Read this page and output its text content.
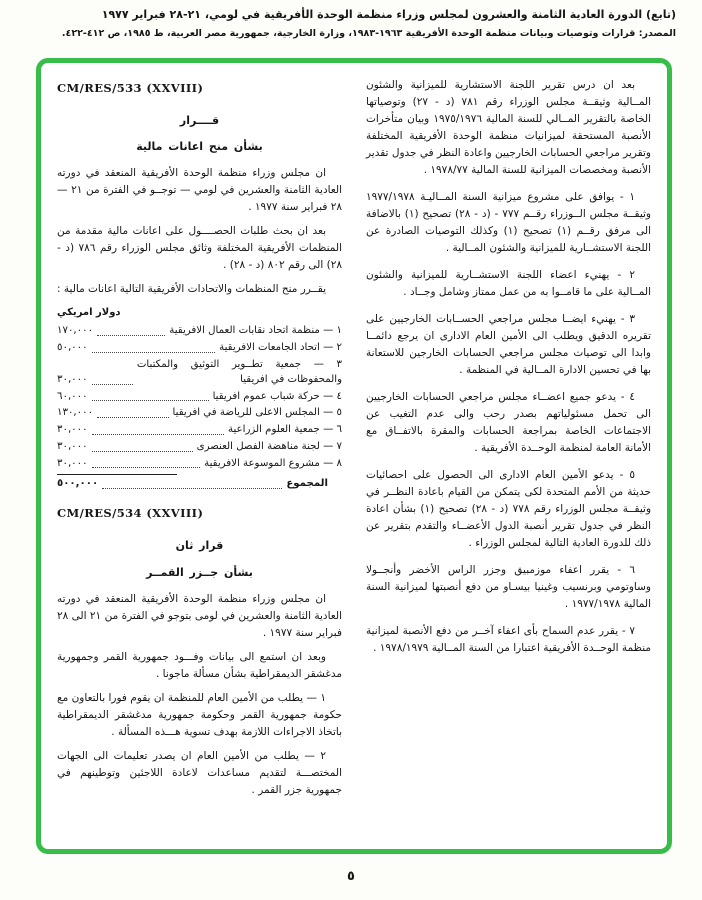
(تابع) الدورة العادية الثامنة والعشرون لمجلس وزراء منظمة الوحدة الأفريقية في لومي، ٢١-٢٨ فبراير ١٩٧٧
المصدر: قرارات وتوصيات وبيانات منظمة الوحدة الأفريقية ١٩٦٣-١٩٨٣، وزارة الخارجية، جمهورية مصر العربية، ط ١٩٨٥، ص ٤١٢-٤٢٢.

بعد ان درس تقرير اللجنة الاستشارية للميزانية والشئون المــالية وثيقــة مجلس الوزراء رقم ٧٨١ (د - ٢٧) وتوصياتها الخاصة بالتقرير المــالي للسنة المالية ١٩٧٥/١٩٧٦ وبيان متأخرات الأنصبة المستحقة لميزانيات منظمة الوحدة الأفريقية المختلفة وتقرير مراجعي الحسابات الخارجيين واعادة النظر في جدول تقدير الأنصبة ومخصصات الميزانية للسنة المالية ١٩٧٨/٧٧ .

١ - يوافق على مشروع ميزانية السنة المــاليـة ١٩٧٧/١٩٧٨ وثيقــة مجلس الــوزراء رقــم ٧٧٧ - (د - ٢٨) تصحيح (١) بالاضافة الى مرفق رقــم (١) تصحيح (١) وكذلك التوصيات الصادرة عن اللجنة الاستشــارية للميزانية والشئون المــالية .

٢ - يهنيء اعضاء اللجنة الاستشــارية للميزانية والشئون المــالية على ما قامــوا به من عمل ممتاز وشامل وجــاد .

٣ - يهنيء ايضــا مجلس مراجعي الحســابات الخارجيين على تقريره الدقيق ويطلب الى الأمين العام الادارى ان يرجع دائمــا وابدا الى توصيات مجلس مراجعي الحسابات الخارجين للاستعانة بها في تحسين الادارة المــالية في المنظمة .

٤ - يدعو جميع اعضــاء مجلس مراجعي الحسابات الخارجيين الى تحمل مسئولياتهم بصدر رحب والى عدم التغيب عن الاجتماعات الخاصة بمراجعة الحسابات والمقرة بالاتفــاق مع الأمانة العامة لمنظمة الوحــدة الأفريقية .

٥ - يدعو الأمين العام الادارى الى الحصول على احصائيات حديثة من الأمم المتحدة لكى يتمكن من القيام باعادة النظــر في وثيقــة مجلس الوزراء رقم ٧٧٨ (د - ٢٨) تصحيح (١) بشأن اعادة النظر في جدول تقرير أنصبة الدول الأعضــاء والتقدم بتقرير عن ذلك للدورة العادية التالية لمجلس الوزراء .

٦ - يقرر اعفاء موزمبيق وجزر الراس الأخضر وأنجــولا وساوتومي وبرنسيب وغينيا بيسـاو من دفع أنصبتها لميزانية السنة المالية ١٩٧٧/١٩٧٨ .

٧ - يقرر عدم السماح بأى اعفاء آخــر من دفع الأنصبة لميزانية منظمة الوحــدة الأفريقية اعتبارا من السنة المــالية ١٩٧٨/١٩٧٩ .

CM/RES/533 (XXVIII)
قــــرار
بشأن منح اعانات مالية

ان مجلس وزراء منظمة الوحدة الأفريقية المنعقد في دورته العادية الثامنة والعشرين في لومي — توجــو في الفترة من ٢١ — ٢٨ فبراير سنة ١٩٧٧ .

بعد ان بحث طلبات الحصــــول على اعانات مالية مقدمة من المنظمات الأفريقية المختلفة وثائق مجلس الوزراء رقم ٧٨٦ (د - ٢٨) الى رقم ٨٠٢ (د - ٢٨) .

يقــرر منح المنظمات والاتحادات الأفريقية التالية اعانات مالية :

دولار امريكي
١ — منظمة اتحاد نقابات العمال الافريقية
١٧٠,٠٠٠
٢ — اتحاد الجامعات الافريقية
٥٠,٠٠٠
٣ — جمعية تطــوير التوثيق والمكتبات والمحفوظات في افريقيا
٣٠,٠٠٠
٤ — حركة شباب عموم افريقيا
٦٠,٠٠٠
٥ — المجلس الاعلى للرياضة في افريقيا
١٣٠,٠٠٠
٦ — جمعية العلوم الزراعية
٣٠,٠٠٠
٧ — لجنة مناهضة الفصل العنصرى
٣٠,٠٠٠
٨ — مشروع الموسوعة الافريقية
٣٠,٠٠٠
المجموع
٥٠٠,٠٠٠
CM/RES/534 (XXVIII)
قرار ثان
بشأن جــزر القمــر

ان مجلس وزراء منظمة الوحدة الأفريقية المنعقد في دورته العادية الثامنة والعشرين في لومى بتوجو في الفترة من ٢١ الى ٢٨ فبراير سنة ١٩٧٧ .

وبعد ان استمع الى بيانات وفـــود جمهورية القمر وجمهورية مدغشقر الديمقراطية بشأن مسألة ماجونا .

١ — يطلب من الأمين العام للمنظمة ان يقوم فورا بالتعاون مع حكومة جمهورية القمر وحكومة جمهورية مدغشقر الديمقراطية باتخاذ الاجراءات اللازمة بهدف تسوية هـــذه المسألة .

٢ — يطلب من الأمين العام ان يصدر تعليمات الى الجهات المختصـــة لتقديم مساعدات لاعادة اللاجئين وتوطينهم في جمهورية جزر القمر .

٥
